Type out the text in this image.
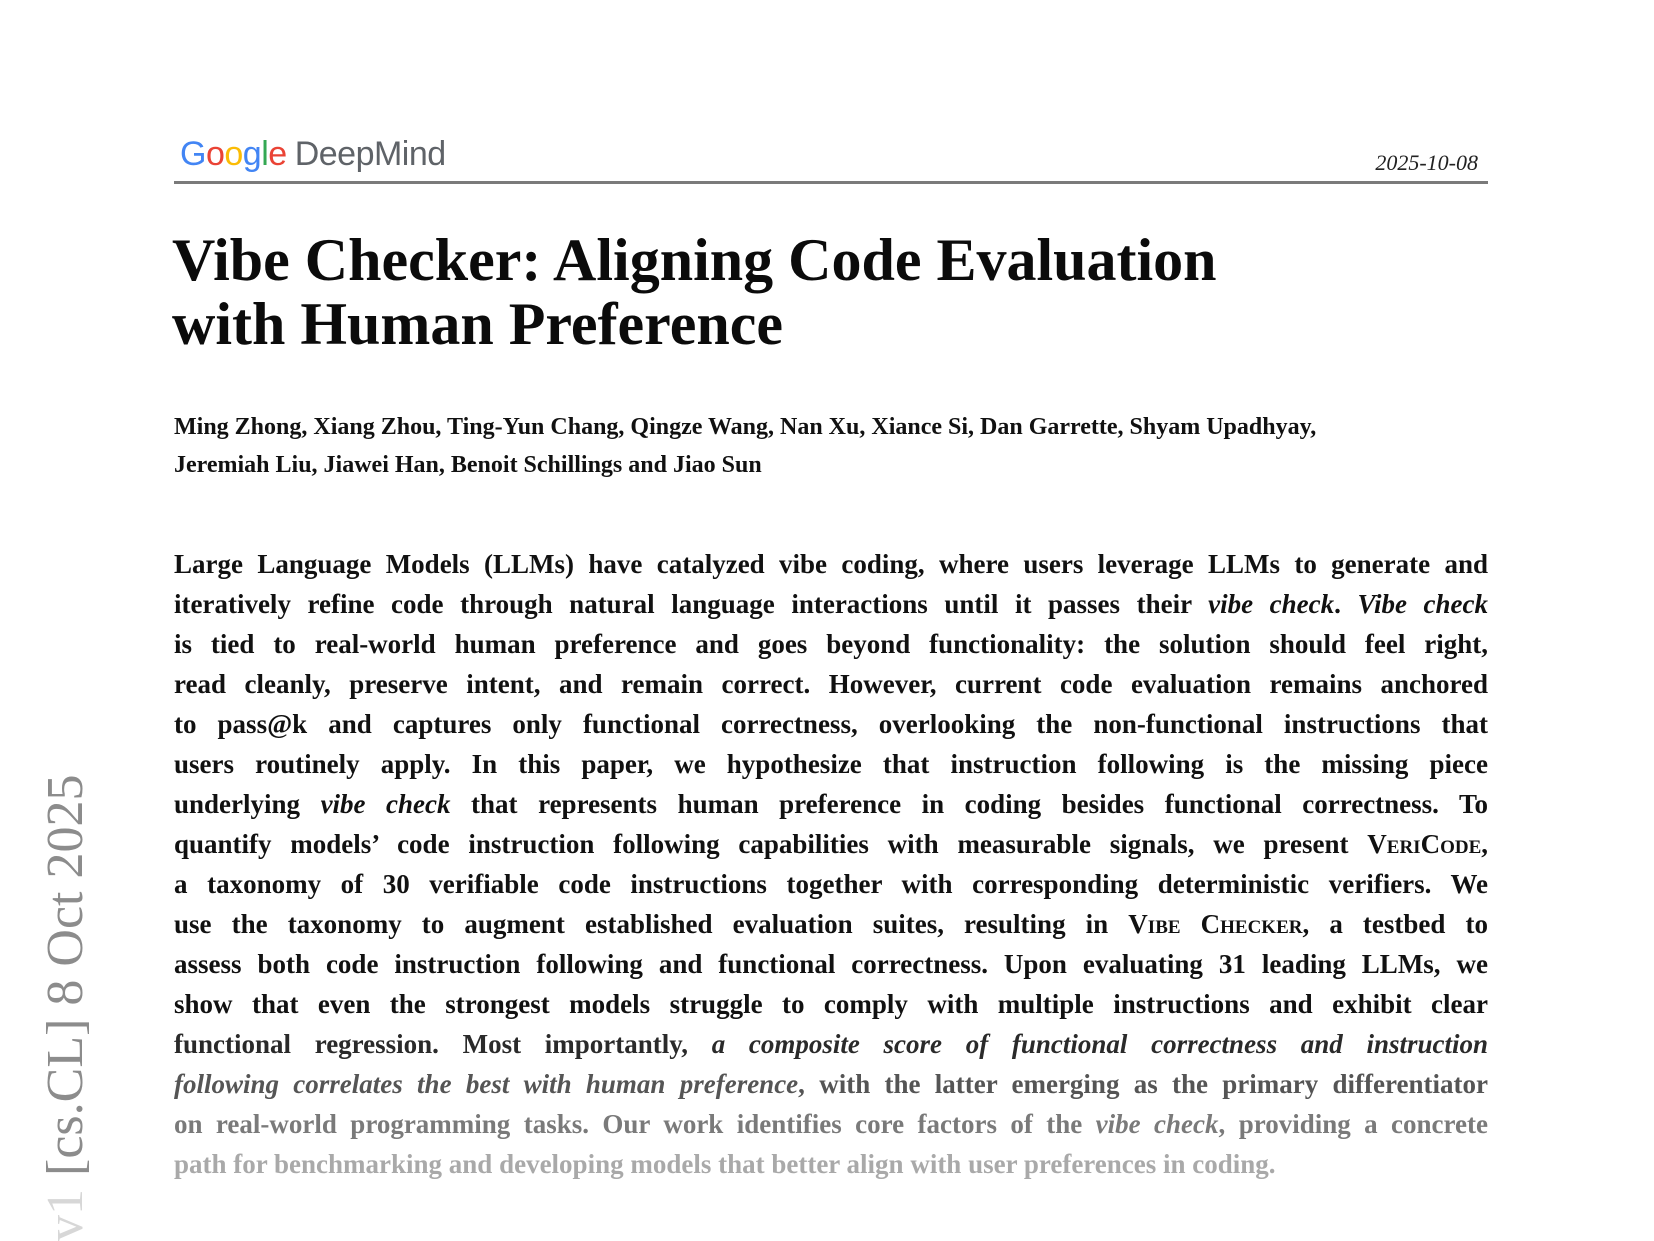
Google DeepMind	2025-10-08
Vibe Checker: Aligning Code Evaluation
with Human Preference
Ming Zhong, Xiang Zhou, Ting-Yun Chang, Qingze Wang, Nan Xu, Xiance Si, Dan Garrette, Shyam Upadhyay,
Jeremiah Liu, Jiawei Han, Benoit Schillings and Jiao Sun
Large Language Models (LLMs) have catalyzed vibe coding, where users leverage LLMs to generate and
iteratively refine code through natural language interactions until it passes their vibe check. Vibe check
is tied to real-world human preference and goes beyond functionality: the solution should feel right,
read cleanly, preserve intent, and remain correct. However, current code evaluation remains anchored
to pass@k and captures only functional correctness, overlooking the non-functional instructions that
users routinely apply. In this paper, we hypothesize that instruction following is the missing piece
underlying vibe check that represents human preference in coding besides functional correctness. To
quantify models’ code instruction following capabilities with measurable signals, we present VeriCode,
a taxonomy of 30 verifiable code instructions together with corresponding deterministic verifiers. We
use the taxonomy to augment established evaluation suites, resulting in Vibe Checker, a testbed to
assess both code instruction following and functional correctness. Upon evaluating 31 leading LLMs, we
show that even the strongest models struggle to comply with multiple instructions and exhibit clear
functional regression. Most importantly, a composite score of functional correctness and instruction
following correlates the best with human preference, with the latter emerging as the primary differentiator
on real-world programming tasks. Our work identifies core factors of the vibe check, providing a concrete
path for benchmarking and developing models that better align with user preferences in coding.
v1 [cs.CL] 8 Oct 2025
